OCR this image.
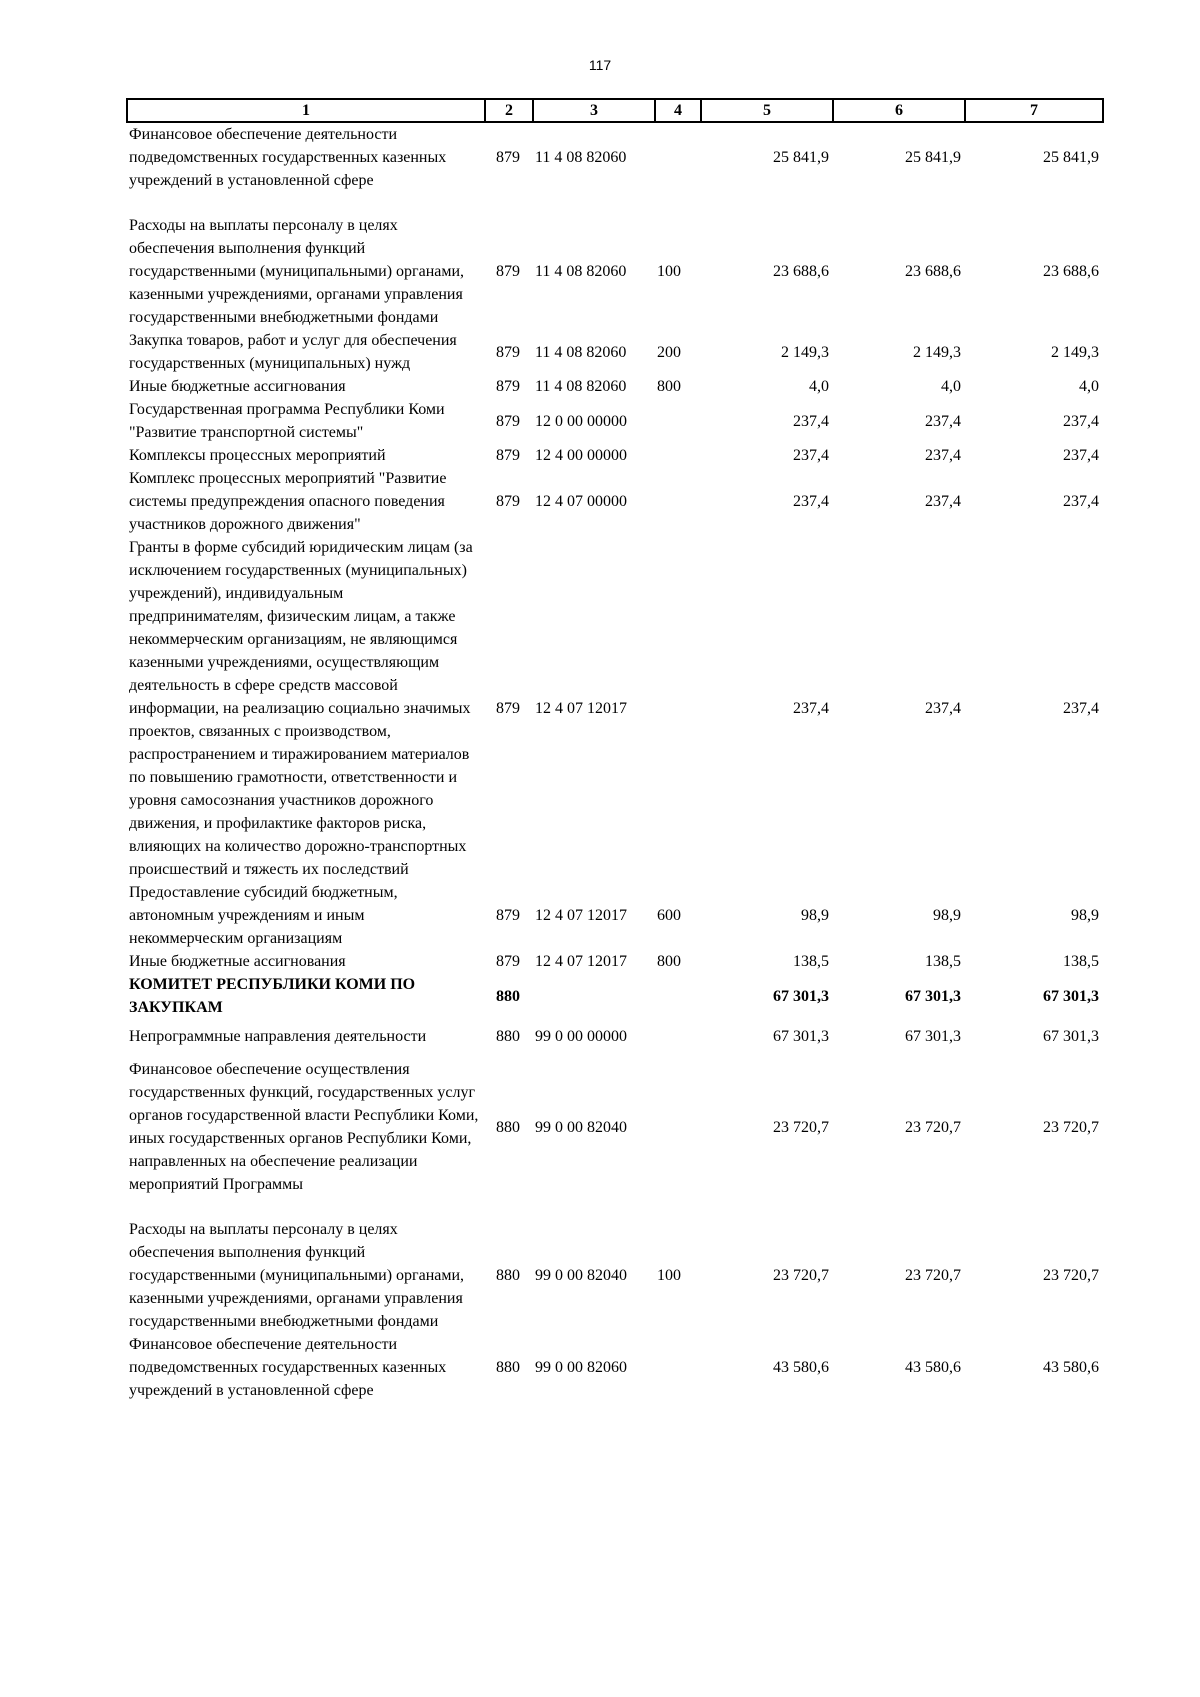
117
1	2	3	4	5	6	7
Финансовое обеспечение деятельности подведомственных государственных казенных учреждений в установленной сфере	879	11 4 08 82060		25 841,9	25 841,9	25 841,9

Расходы на выплаты персоналу в целях обеспечения выполнения функций государственными (муниципальными) органами, казенными учреждениями, органами управления государственными внебюджетными фондами	879	11 4 08 82060	100	23 688,6	23 688,6	23 688,6
Закупка товаров, работ и услуг для обеспечения государственных (муниципальных) нужд	879	11 4 08 82060	200	2 149,3	2 149,3	2 149,3
Иные бюджетные ассигнования	879	11 4 08 82060	800	4,0	4,0	4,0
Государственная программа Республики Коми "Развитие транспортной системы"	879	12 0 00 00000		237,4	237,4	237,4
Комплексы процессных мероприятий	879	12 4 00 00000		237,4	237,4	237,4
Комплекс процессных мероприятий "Развитие системы предупреждения опасного поведения участников дорожного движения"	879	12 4 07 00000		237,4	237,4	237,4
Гранты в форме субсидий юридическим лицам (за исключением государственных (муниципальных) учреждений), индивидуальным предпринимателям, физическим лицам, а также некоммерческим организациям, не являющимся казенными учреждениями, осуществляющим деятельность в сфере средств массовой информации, на реализацию социально значимых проектов, связанных с производством, распространением и тиражированием материалов по повышению грамотности, ответственности и уровня самосознания участников дорожного движения, и профилактике факторов риска, влияющих на количество дорожно-транспортных происшествий и тяжесть их последствий	879	12 4 07 12017		237,4	237,4	237,4
Предоставление субсидий бюджетным, автономным учреждениям и иным некоммерческим организациям	879	12 4 07 12017	600	98,9	98,9	98,9
Иные бюджетные ассигнования	879	12 4 07 12017	800	138,5	138,5	138,5
КОМИТЕТ РЕСПУБЛИКИ КОМИ ПО ЗАКУПКАМ	880			67 301,3	67 301,3	67 301,3

Непрограммные направления деятельности	880	99 0 00 00000		67 301,3	67 301,3	67 301,3

Финансовое обеспечение осуществления государственных функций, государственных услуг органов государственной власти Республики Коми, иных государственных органов Республики Коми, направленных на обеспечение реализации мероприятий Программы	880	99 0 00 82040		23 720,7	23 720,7	23 720,7

Расходы на выплаты персоналу в целях обеспечения выполнения функций государственными (муниципальными) органами, казенными учреждениями, органами управления государственными внебюджетными фондами	880	99 0 00 82040	100	23 720,7	23 720,7	23 720,7
Финансовое обеспечение деятельности подведомственных государственных казенных учреждений в установленной сфере	880	99 0 00 82060		43 580,6	43 580,6	43 580,6
